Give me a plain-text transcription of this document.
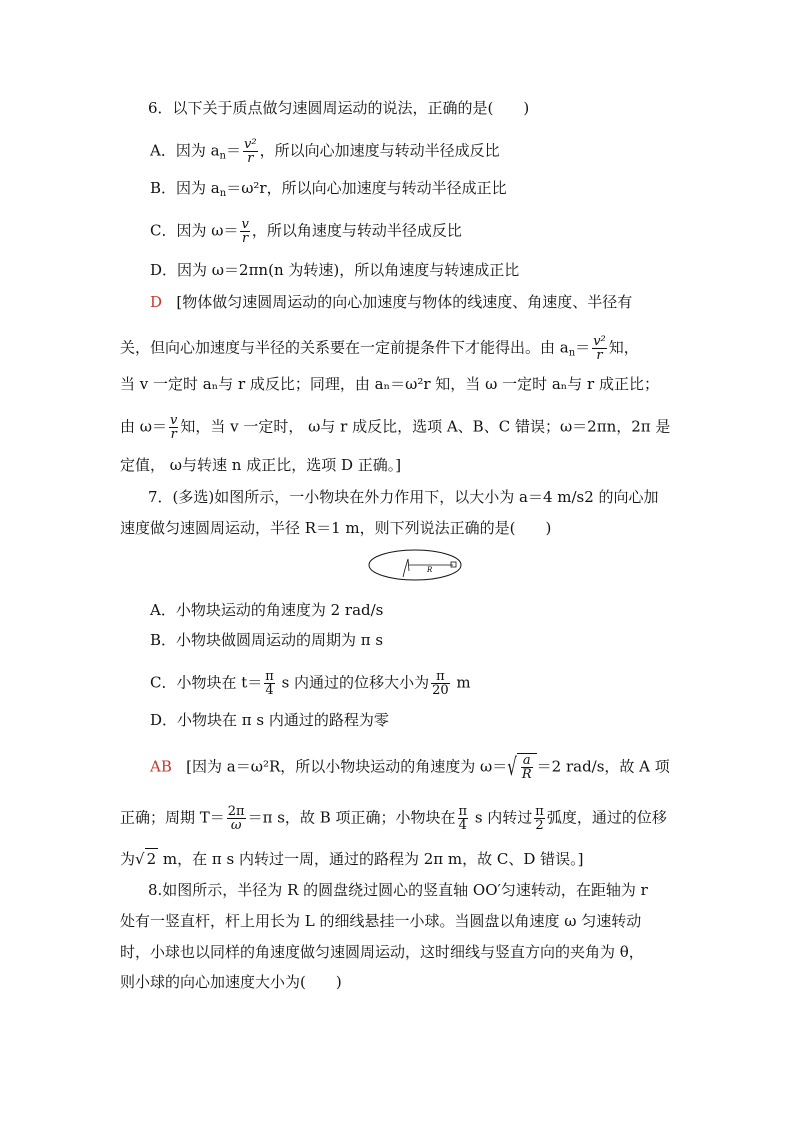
6．以下关于质点做匀速圆周运动的说法，正确的是(　　)
A．因为 $a_n= \frac{\text{v²}}{r}$ ，所以向心加速度与转动半径成反比
B．因为 $a_n=\omega^2r$，所以向心加速度与转动半径成正比
C．因为 $\omega= \frac{v}{r}$ ，所以角速度与转动半径成反比
D．因为 ω＝2πn(n 为转速)，所以角速度与转速成正比
D [物体做匀速圆周运动的向心加速度与物体的线速度、角速度、半径有
关，但向心加速度与半径的关系要在一定前提条件下才能得出。由 $a_n= \frac{\text{v²}}{r}$ 知，
当 v 一定时 aₙ与 r 成反比；同理，由 aₙ＝ω²r 知，当 ω 一定时 aₙ与 r 成正比；
由 $\omega= \frac{v}{r}$ 知，当 v 一定时， ω与 r 成反比，选项 A、B、C 错误；ω＝2πn，2π 是
定值， ω与转速 n 成正比，选项 D 正确。]
7．(多选)如图所示，一小物块在外力作用下，以大小为 a＝4 m/s2 的向心加
速度做匀速圆周运动，半径 R＝1 m，则下列说法正确的是(　　)
R
A．小物块运动的角速度为 2 rad/s
B．小物块做圆周运动的周期为 π s
C．小物块在 $t= \frac{\pi}{4}$ s 内通过的位移大小为 $\frac{\pi}{20}$ m
D．小物块在 π s 内通过的路程为零
AB [因为 a＝ω²R，所以小物块运动的角速度为 $\omega=√ \frac{a}{R} =2$ rad/s，故 A 项
正确；周期 $T= \frac{2\pi}{\omega} =\pi$ s，故 B 项正确；小物块在 $\frac{\pi}{4}$ s 内转过 $\frac{\pi}{2}$ 弧度，通过的位移
为√ 2 m，在 π s 内转过一周，通过的路程为 2π m，故 C、D 错误。]
8.如图所示，半径为 R 的圆盘绕过圆心的竖直轴 OO′匀速转动，在距轴为 r
处有一竖直杆，杆上用长为 L 的细线悬挂一小球。当圆盘以角速度 ω 匀速转动
时，小球也以同样的角速度做匀速圆周运动，这时细线与竖直方向的夹角为 θ，
则小球的向心加速度大小为(　　)
